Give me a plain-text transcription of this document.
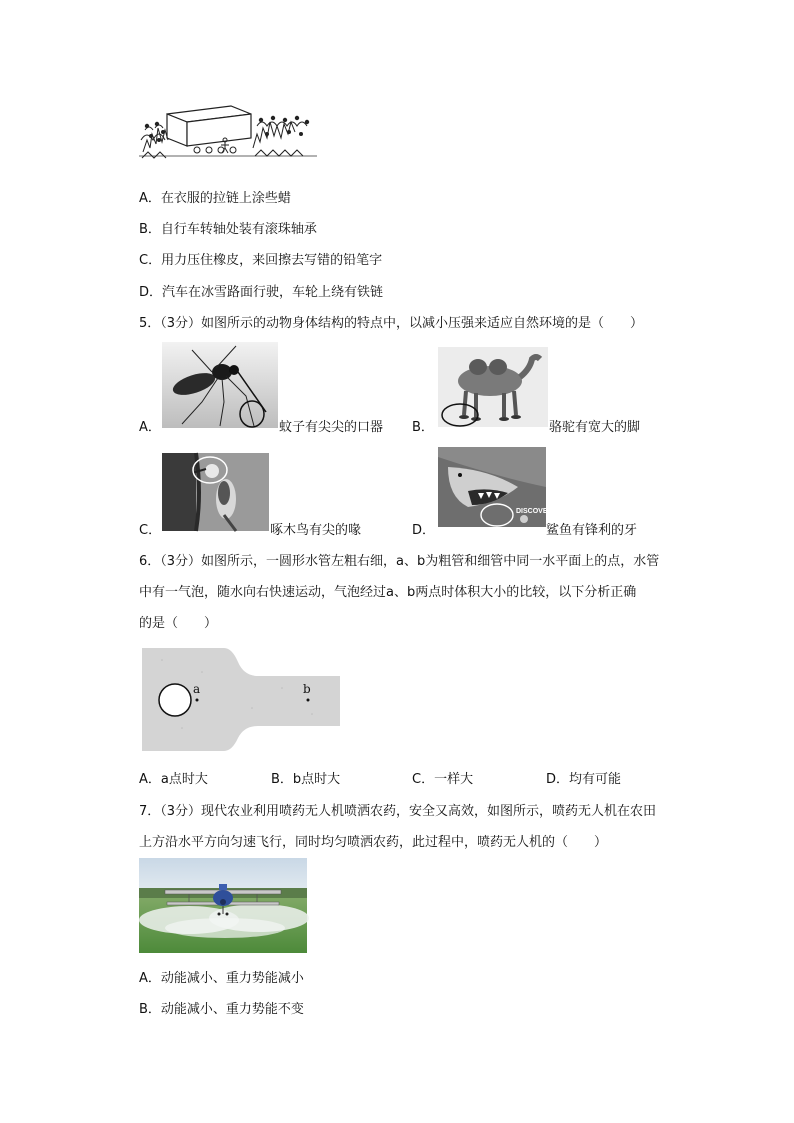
A．在衣服的拉链上涂些蜡
B．自行车转轴处装有滚珠轴承
C．用力压住橡皮，来回擦去写错的铅笔字
D．汽车在冰雪路面行驶，车轮上绕有铁链
5．（3分）如图所示的动物身体结构的特点中，以减小压强来适应自然环境的是（　　）
A．	蚊子有尖尖的口器 B．	骆驼有宽大的脚
C．	啄木鸟有尖的喙
DISCOVERY
D．	鲨鱼有锋利的牙
6．（3分）如图所示，一圆形水管左粗右细，a、b为粗管和细管中同一水平面上的点，水管
中有一气泡，随水向右快速运动，气泡经过a、b两点时体积大小的比较，以下分析正确
的是（　　）
a	b
A．a点时大	B．b点时大	C．一样大	D．均有可能
7．（3分）现代农业利用喷药无人机喷洒农药，安全又高效，如图所示，喷药无人机在农田
上方沿水平方向匀速飞行，同时均匀喷洒农药，此过程中，喷药无人机的（　　）
A．动能减小、重力势能减小
B．动能减小、重力势能不变
